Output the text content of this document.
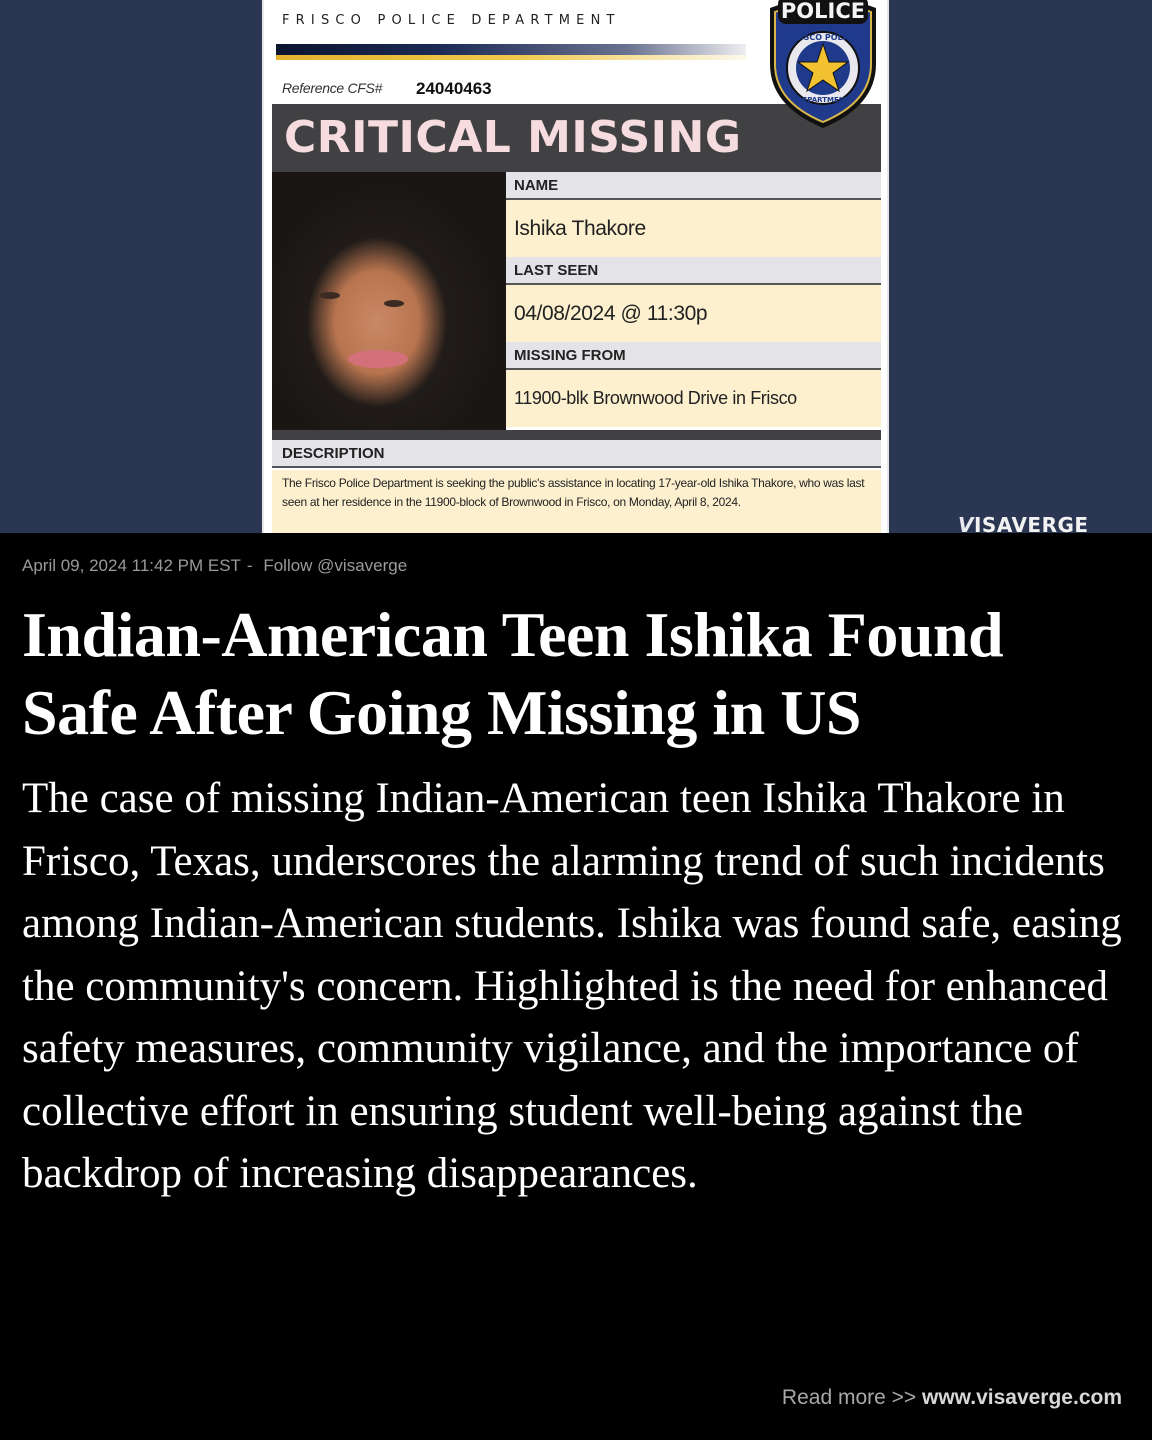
FRISCO POLICE DEPARTMENT
Reference CFS# 24040463
CRITICAL MISSING
POLICE
FRISCO POLICE
DEPARTMENT
NAME
Ishika Thakore
LAST SEEN
04/08/2024 @ 11:30p
MISSING FROM
11900-blk Brownwood Drive in Frisco
DESCRIPTION
The Frisco Police Department is seeking the public's assistance in locating 17-year-old Ishika Thakore, who was last seen at her residence in the 11900-block of Brownwood in Frisco, on Monday, April 8, 2024.
VISAVERGE
April 09, 2024 11:42 PM EST - Follow @visaverge
Indian-American Teen Ishika Found Safe After Going Missing in US

The case of missing Indian-American teen Ishika Thakore in Frisco, Texas, underscores the alarming trend of such incidents among Indian-American students. Ishika was found safe, easing the community's concern. Highlighted is the need for enhanced safety measures, community vigilance, and the importance of collective effort in ensuring student well-being against the backdrop of increasing disappearances.

Read more >> www.visaverge.com
